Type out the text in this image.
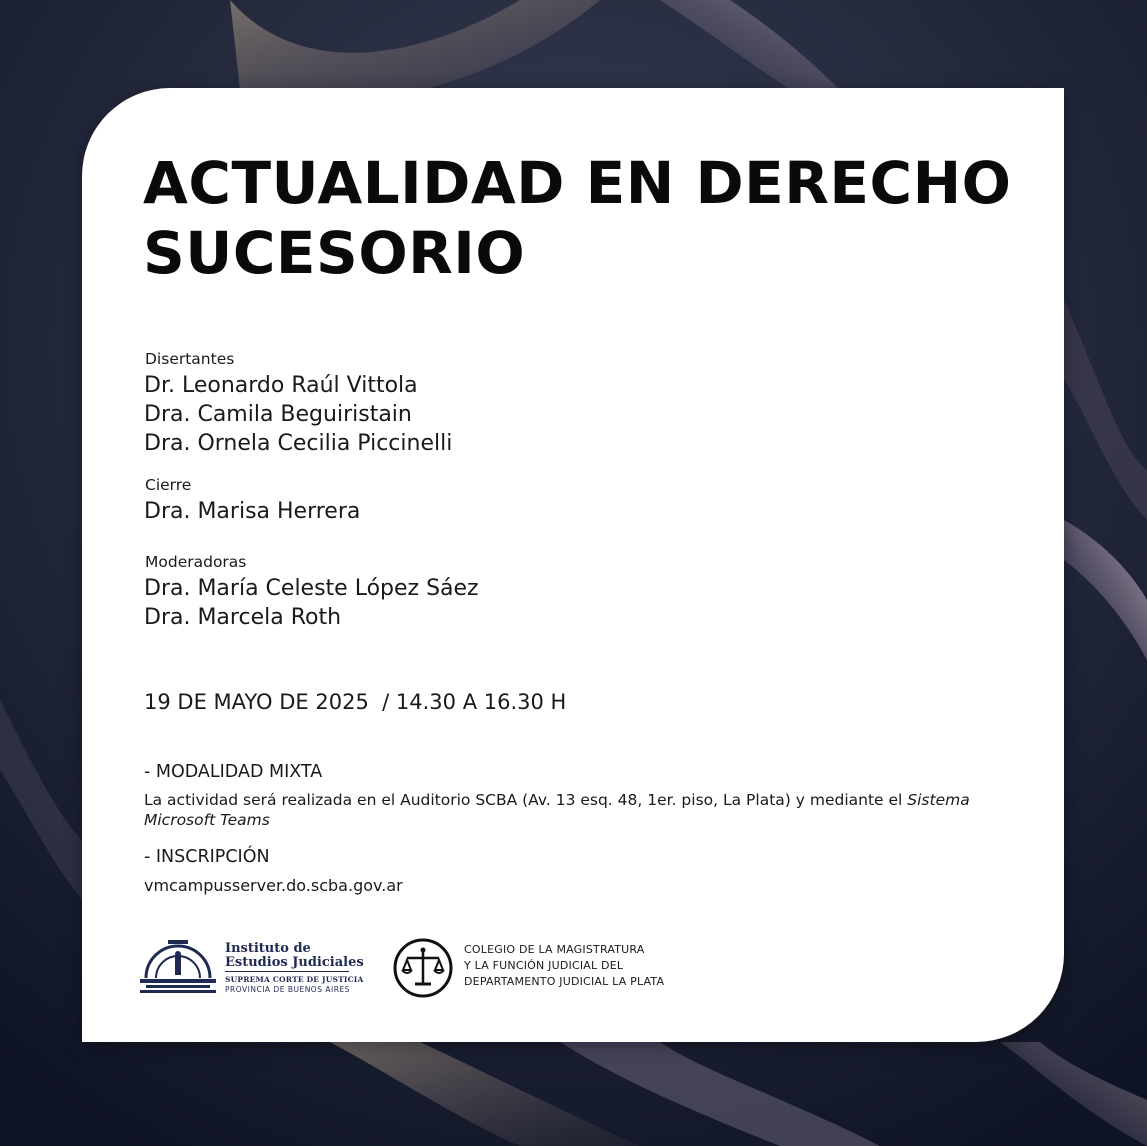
ACTUALIDAD EN DERECHO
SUCESORIO
Disertantes
Dr. Leonardo Raúl Vittola
Dra. Camila Beguiristain
Dra. Ornela Cecilia Piccinelli
Cierre
Dra. Marisa Herrera
Moderadoras
Dra. María Celeste López Sáez
Dra. Marcela Roth
19 DE MAYO DE 2025  / 14.30 A 16.30 H
- MODALIDAD MIXTA
La actividad será realizada en el Auditorio SCBA (Av. 13 esq. 48, 1er. piso, La Plata) y mediante el Sistema Microsoft Teams
- INSCRIPCIÓN
vmcampusserver.do.scba.gov.ar
Instituto de
Estudios Judiciales
SUPREMA CORTE DE JUSTICIA
PROVINCIA DE BUENOS AIRES
COLEGIO DE LA MAGISTRATURA
Y LA FUNCIÓN JUDICIAL DEL
DEPARTAMENTO JUDICIAL LA PLATA
